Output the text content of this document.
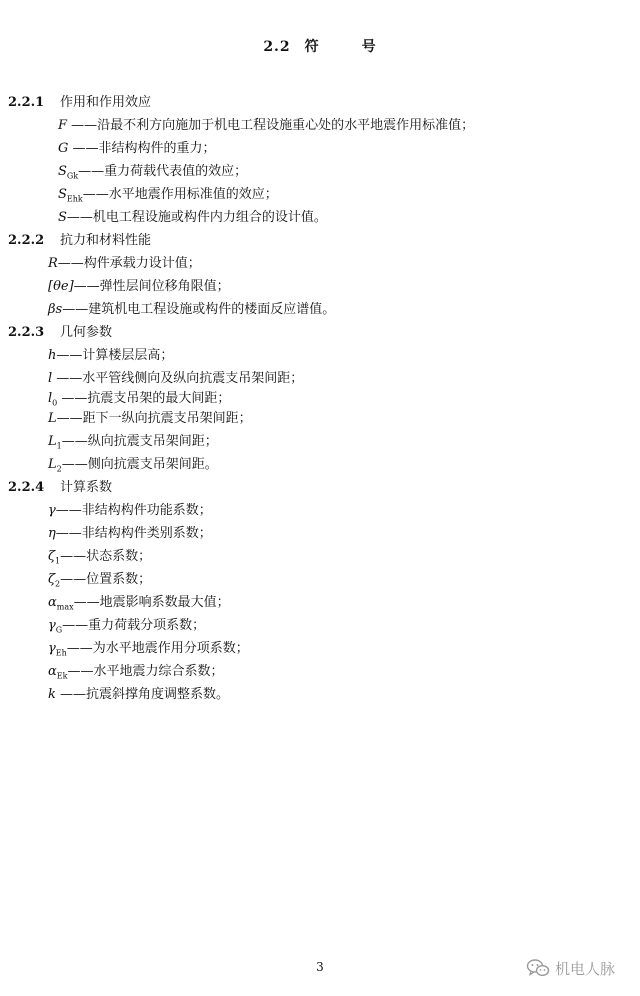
2.2 符	号
2.2.1 作用和作用效应
F ——沿最不利方向施加于机电工程设施重心处的水平地震作用标准值；
G ——非结构构件的重力；
$S_{Gk}——$重力荷载代表值的效应；
$S_{Ehk}——$水平地震作用标准值的效应；
S——机电工程设施或构件内力组合的设计值。
2.2.2 抗力和材料性能
R——构件承载力设计值；
[θe]——弹性层间位移角限值；
βs——建筑机电工程设施或构件的楼面反应谱值。
2.2.3 几何参数
h——计算楼层层高；
l ——水平管线侧向及纵向抗震支吊架间距；
$l_0$ ——抗震支吊架的最大间距；
L——距下一纵向抗震支吊架间距；
$L_1——$纵向抗震支吊架间距；
$L_2——$侧向抗震支吊架间距。
2.2.4 计算系数
γ——非结构构件功能系数；
η——非结构构件类别系数；
$\zeta_1——$状态系数；
$\zeta_2——$位置系数；
$\alpha_{max}——$地震影响系数最大值；
$\gamma_G——$重力荷载分项系数；
$\gamma_{Eh}——$为水平地震作用分项系数；
$\alpha_{Ek}——$水平地震力综合系数；
k ——抗震斜撑角度调整系数。
3	机电人脉
